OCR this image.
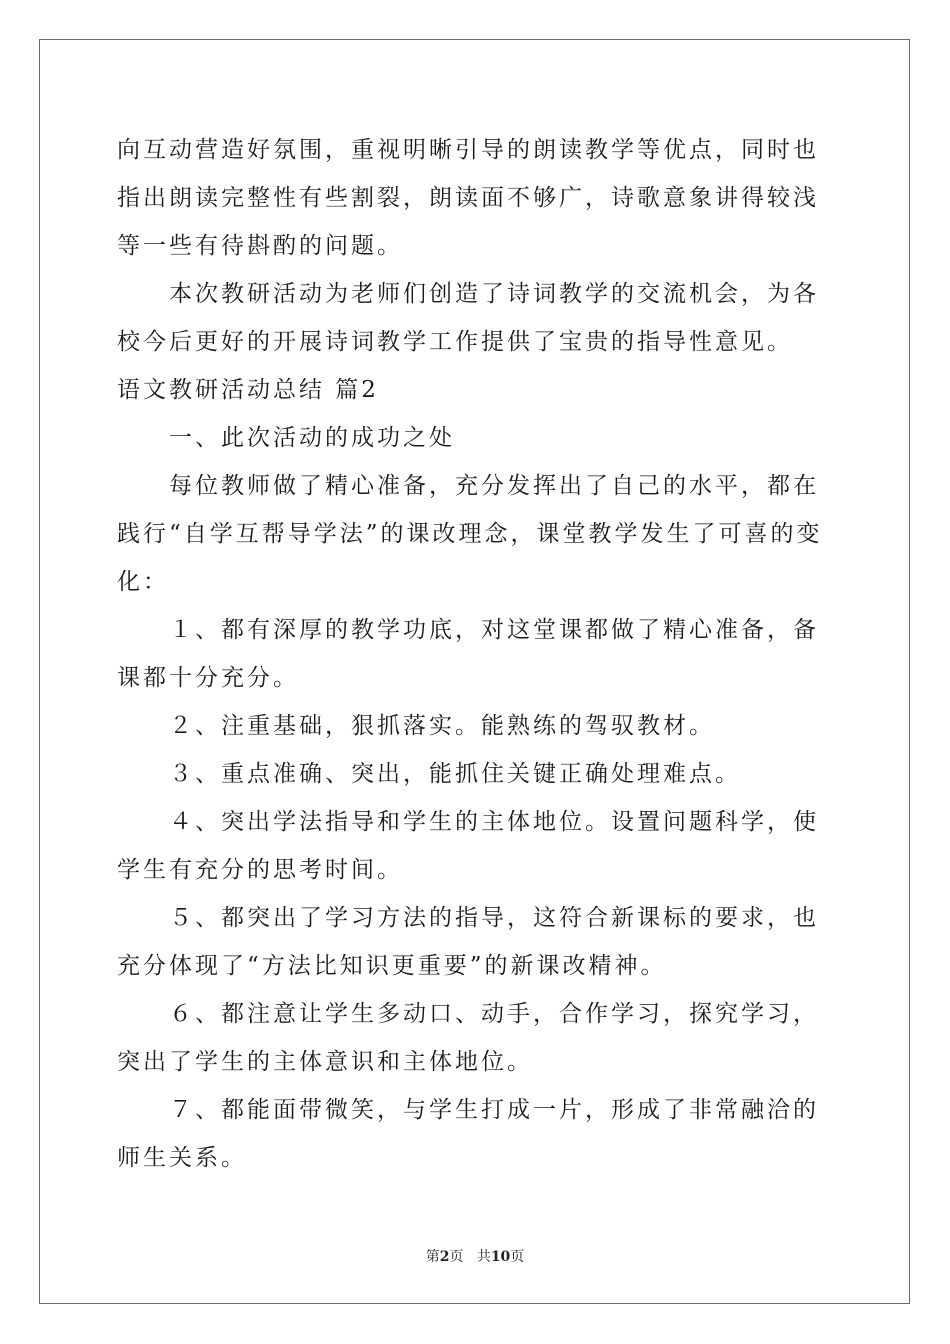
向互动营造好氛围，重视明晰引导的朗读教学等优点，同时也指出朗读完整性有些割裂，朗读面不够广，诗歌意象讲得较浅等一些有待斟酌的问题。

本次教研活动为老师们创造了诗词教学的交流机会，为各校今后更好的开展诗词教学工作提供了宝贵的指导性意见。

语文教研活动总结 篇2

一、此次活动的成功之处

每位教师做了精心准备，充分发挥出了自己的水平，都在践行“自学互帮导学法”的课改理念，课堂教学发生了可喜的变化：

１、都有深厚的教学功底，对这堂课都做了精心准备，备课都十分充分。

２、注重基础，狠抓落实。能熟练的驾驭教材。

３、重点准确、突出，能抓住关键正确处理难点。

４、突出学法指导和学生的主体地位。设置问题科学，使学生有充分的思考时间。

５、都突出了学习方法的指导，这符合新课标的要求，也充分体现了“方法比知识更重要”的新课改精神。

６、都注意让学生多动口、动手，合作学习，探究学习，突出了学生的主体意识和主体地位。

７、都能面带微笑，与学生打成一片，形成了非常融洽的师生关系。

第2页 共10页
